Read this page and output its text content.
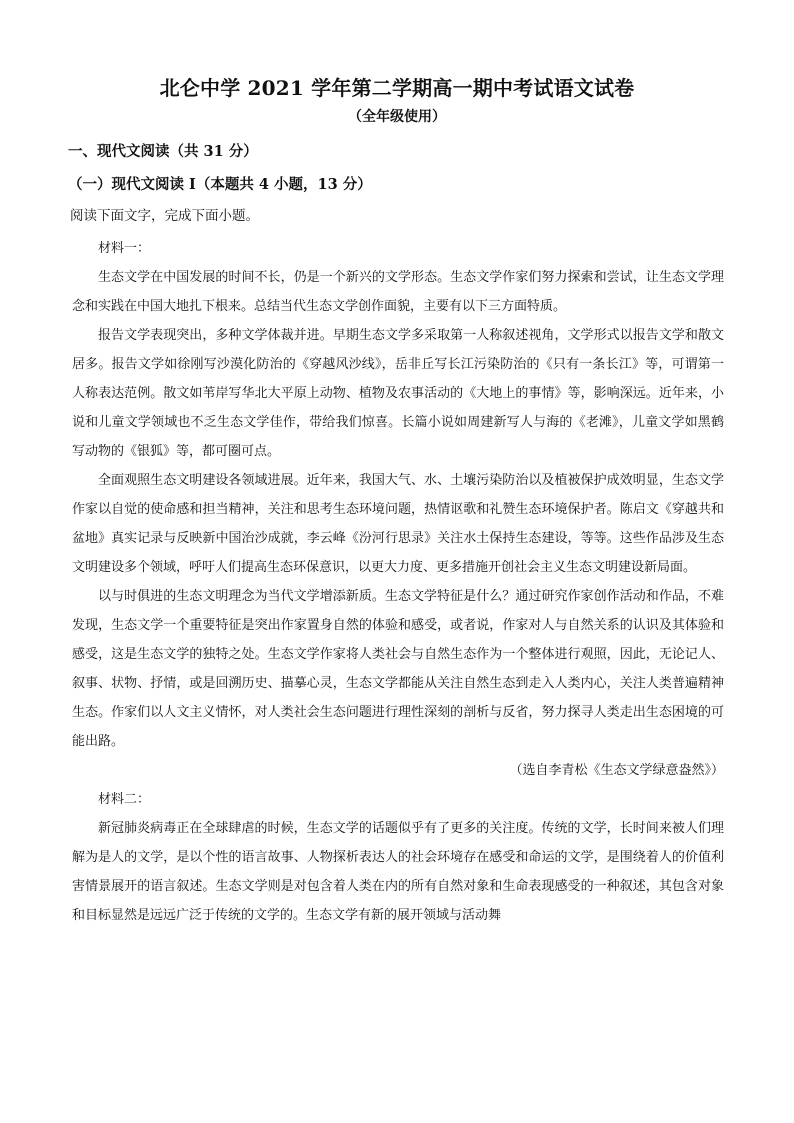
北仑中学 2021 学年第二学期高一期中考试语文试卷
（全年级使用）
一、现代文阅读（共 31 分）
（一）现代文阅读 I（本题共 4 小题，13 分）
阅读下面文字，完成下面小题。

材料一：

生态文学在中国发展的时间不长，仍是一个新兴的文学形态。生态文学作家们努力探索和尝试，让生态文学理念和实践在中国大地扎下根来。总结当代生态文学创作面貌，主要有以下三方面特质。

报告文学表现突出，多种文学体裁并进。早期生态文学多采取第一人称叙述视角，文学形式以报告文学和散文居多。报告文学如徐刚写沙漠化防治的《穿越风沙线》，岳非丘写长江污染防治的《只有一条长江》等，可谓第一人称表达范例。散文如苇岸写华北大平原上动物、植物及农事活动的《大地上的事情》等，影响深远。近年来，小说和儿童文学领域也不乏生态文学佳作，带给我们惊喜。长篇小说如周建新写人与海的《老滩》，儿童文学如黑鹤写动物的《银狐》等，都可圈可点。

全面观照生态文明建设各领域进展。近年来，我国大气、水、土壤污染防治以及植被保护成效明显，生态文学作家以自觉的使命感和担当精神，关注和思考生态环境问题，热情讴歌和礼赞生态环境保护者。陈启文《穿越共和盆地》真实记录与反映新中国治沙成就，李云峰《汾河行思录》关注水土保持生态建设，等等。这些作品涉及生态文明建设多个领域，呼吁人们提高生态环保意识，以更大力度、更多措施开创社会主义生态文明建设新局面。

以与时俱进的生态文明理念为当代文学增添新质。生态文学特征是什么？通过研究作家创作活动和作品，不难发现，生态文学一个重要特征是突出作家置身自然的体验和感受，或者说，作家对人与自然关系的认识及其体验和感受，这是生态文学的独特之处。生态文学作家将人类社会与自然生态作为一个整体进行观照，因此，无论记人、叙事、状物、抒情，或是回溯历史、描摹心灵，生态文学都能从关注自然生态到走入人类内心，关注人类普遍精神生态。作家们以人文主义情怀，对人类社会生态问题进行理性深刻的剖析与反省，努力探寻人类走出生态困境的可能出路。

（选自李青松《生态文学绿意盎然》）

材料二：

新冠肺炎病毒正在全球肆虐的时候，生态文学的话题似乎有了更多的关注度。传统的文学，长时间来被人们理解为是人的文学，是以个性的语言故事、人物探析表达人的社会环境存在感受和命运的文学，是围绕着人的价值利害情景展开的语言叙述。生态文学则是对包含着人类在内的所有自然对象和生命表现感受的一种叙述，其包含对象和目标显然是远远广泛于传统的文学的。生态文学有新的展开领域与活动舞
